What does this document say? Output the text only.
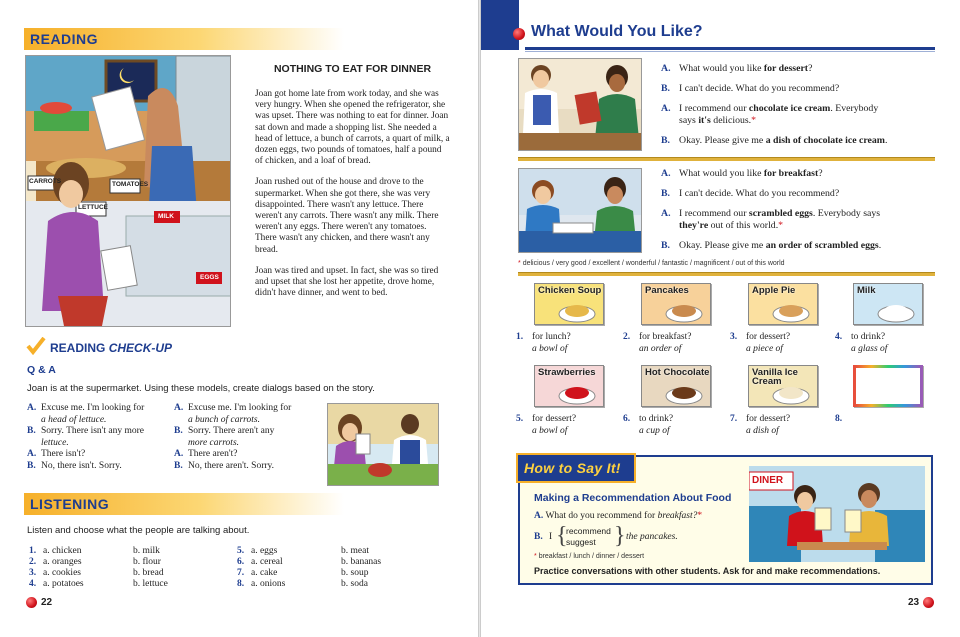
READING
CARROTS	TOMATOES
LETTUCE
MILK
EGGS
NOTHING TO EAT FOR DINNER

Joan got home late from work today, and she was very hungry. When she opened the refrigerator, she was upset. There was nothing to eat for dinner. Joan sat down and made a shopping list. She needed a head of lettuce, a bunch of carrots, a quart of milk, a dozen eggs, two pounds of tomatoes, half a pound of chicken, and a loaf of bread.

Joan rushed out of the house and drove to the supermarket. When she got there, she was very disappointed. There wasn't any lettuce. There weren't any carrots. There wasn't any milk. There weren't any eggs. There weren't any tomatoes. There wasn't any chicken, and there wasn't any bread.

Joan was tired and upset. In fact, she was so tired and upset that she lost her appetite, drove home, didn't have dinner, and went to bed.

READING CHECK-UP
Q & A
Joan is at the supermarket. Using these models, create dialogs based on the story.
A. Excuse me. I'm looking for
a head of lettuce.
B. Sorry. There isn't any more
lettuce.
A. There isn't?
B. No, there isn't. Sorry.
A. Excuse me. I'm looking for
a bunch of carrots.
B. Sorry. There aren't any
more carrots.
A. There aren't?
B. No, there aren't. Sorry.
LISTENING
Listen and choose what the people are talking about.
1. a. chicken	b. milk
2. a. oranges	b. flour
3. a. cookies	b. bread
4. a. potatoes	b. lettuce
5. a. eggs	b. meat
6. a. cereal	b. bananas
7. a. cake	b. soup
8. a. onions	b. soda
22
What Would You Like?
A. What would you like for dessert?
B. I can't decide. What do you recommend?
A. I recommend our chocolate ice cream. Everybody
says it's delicious.*
B. Okay. Please give me a dish of chocolate ice cream.
A. What would you like for breakfast?
B. I can't decide. What do you recommend?
A. I recommend our scrambled eggs. Everybody says
they're out of this world.*
B. Okay. Please give me an order of scrambled eggs.
* delicious / very good / excellent / wonderful / fantastic / magnificent / out of this world
Chicken Soup
1. for lunch?
a bowl of
Pancakes
2. for breakfast?
an order of
Apple Pie
3. for dessert?
a piece of
Milk
4. to drink?
a glass of
Strawberries
5. for dessert?
a bowl of
Hot Chocolate
6. to drink?
a cup of
Vanilla Ice Cream
7. for dessert?
a dish of
8.

How to Say It!
Making a Recommendation About Food
A. What do you recommend for breakfast?*
B. I {
recommend
suggest } the pancakes.
* breakfast / lunch / dinner / dessert
Practice conversations with other students. Ask for and make recommendations.
DINER
23
